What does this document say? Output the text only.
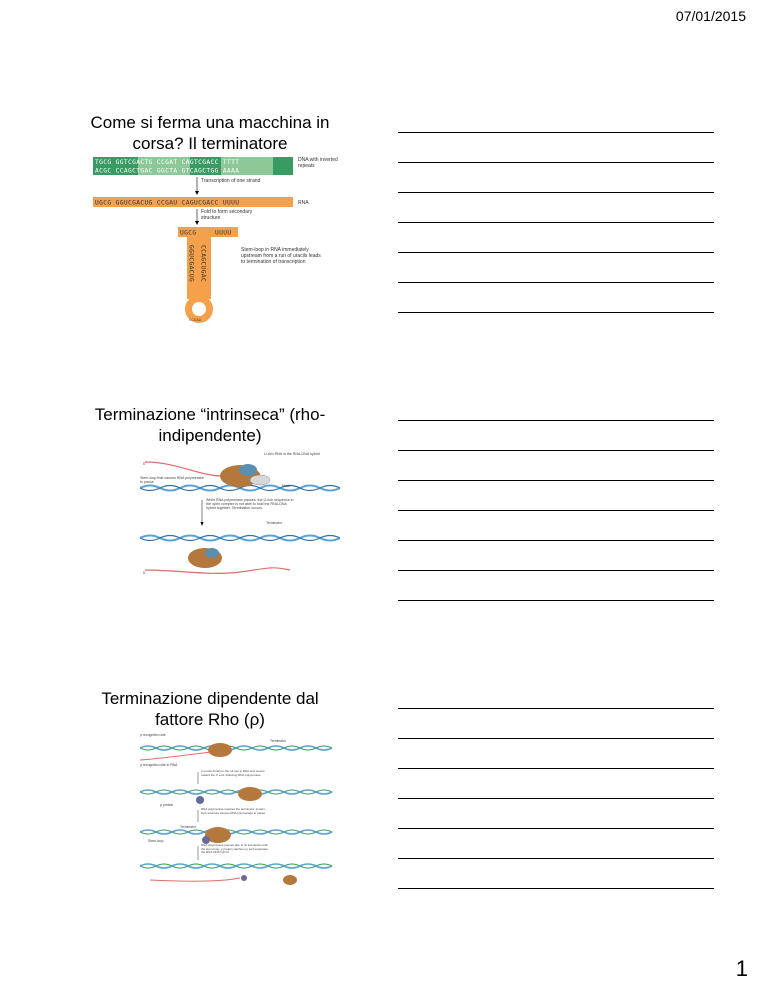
07/01/2015
Come si ferma una macchina in corsa? Il terminatore
TGCG GGTCGACTG CCGAT CAGTCGACC TTTT
ACGC CCAGCTGAC GGCTA GTCAGCTGG AAAA
DNA with inverted repeats
Transcription of one strand
UGCG GGUCGACUG CCGAU CAGUCGACC UUUU	RNA
Fold to form secondary structure
UGCG	UUUU
GGUCGACUG CCAGCUGAC
CCGAU
Stem-loop in RNA immediately upstream from a run of uracils leads to termination of transcription
Terminazione “intrinseca” (rho-indipendente)
5'
U-rich RNA in the RNA-DNA hybrid
Stem-loop that causes RNA polymerase to pause
NusA
While RNA polymerase pauses, the U-rich sequence in the open complex is not able to hold the RNA-DNA hybrid together. Termination occurs.
Terminator
5'
Terminazione dipendente dal fattore Rho (ρ)
ρ recognition site
Terminator
ρ recognition site in RNA
ρ protein binds to the rut site in RNA and moves toward the 3' end, following RNA polymerase
ρ protein
RNA polymerase reaches the terminator. A stem-loop structure causes RNA polymerase to pause.
Terminator
Stem-loop
RNA polymerase pauses due to its interaction with the stem-loop. ρ protein catches up and separates the RNA-DNA hybrid.
1
